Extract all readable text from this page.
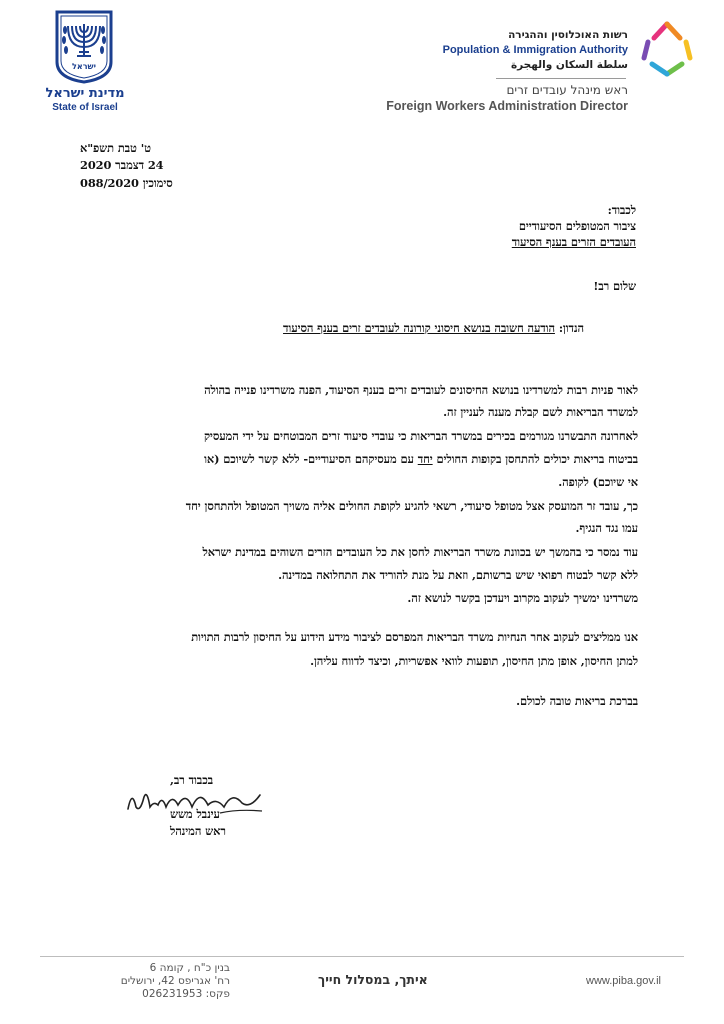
ישראל
מדינת ישראל
State of Israel
רשות האוכלוסין וההגירה
Population & Immigration Authority
سلطة السكان والهجرة
ראש מינהל עובדים זרים
Foreign Workers Administration Director
ט' טבת תשפ"א
24 דצמבר 2020
סימוכין 088/2020
לכבוד:
ציבור המטופלים הסיעודיים
העובדים הזרים בענף הסיעוד
שלום רב!
הנדון: הודעה חשובה בנושא חיסוני קורונה לעובדים זרים בענף הסיעוד
לאור פניות רבות למשרדינו בנושא החיסונים לעובדים זרים בענף הסיעוד, הפנה משרדינו פנייה בהולה
למשרד הבריאות לשם קבלת מענה לעניין זה.
לאחרונה התבשרנו מגורמים בכירים במשרד הבריאות כי עובדי סיעוד זרים המבוטחים על ידי המעסיק
בביטוח בריאות יכולים להתחסן בקופות החולים יחד עם מעסיקהם הסיעודיים- ללא קשר לשיוכם (או
אי שיוכם) לקופה.
כך, עובד זר המועסק אצל מטופל סיעודי, רשאי להגיע לקופת החולים אליה משויך המטופל ולהתחסן יחד
עמו נגד הנגיף.
עוד נמסר כי בהמשך יש בכוונת משרד הבריאות לחסן את כל העובדים הזרים השוהים במדינת ישראל
ללא קשר לבטוח רפואי שיש ברשותם, וזאת על מנת להוריד את התחלואה במדינה.
משרדינו ימשיך לעקוב מקרוב ויעדכן בקשר לנושא זה.
אנו ממליצים לעקוב אחר הנחיות משרד הבריאות המפרסם לציבור מידע הידוע על החיסון לרבות התויות
למתן החיסון, אופן מתן החיסון, תופעות לוואי אפשריות, וכיצד לדווח עליהן.
בברכת בריאות טובה לכולם.
בכבוד רב,
עינבל משש
ראש המינהל
בנין כ"ח , קומה 6
רח' אגריפס 42, ירושלים
פקס: 026231953
איתך, במסלול חייך	www.piba.gov.il
